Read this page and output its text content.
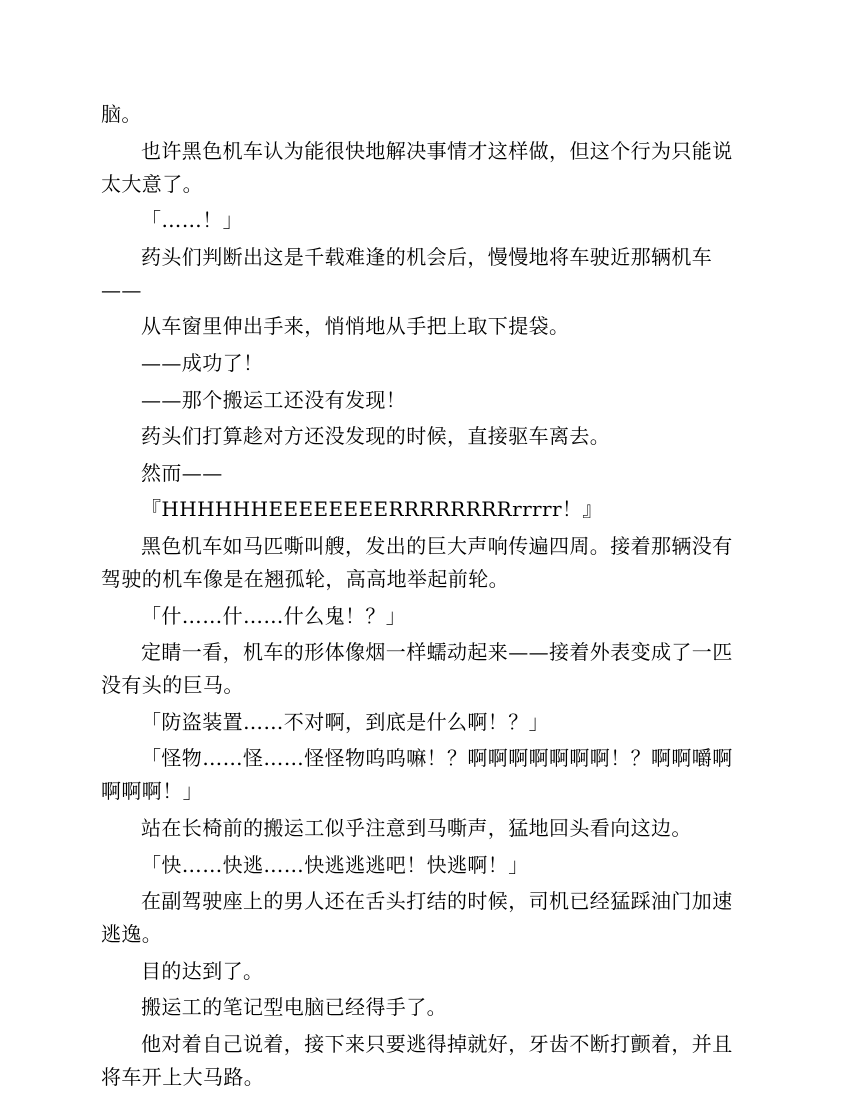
脑。

也许黑色机车认为能很快地解决事情才这样做，但这个行为只能说太大意了。

「……！」

药头们判断出这是千载难逢的机会后，慢慢地将车驶近那辆机车——

从车窗里伸出手来，悄悄地从手把上取下提袋。

——成功了！

——那个搬运工还没有发现！

药头们打算趁对方还没发现的时候，直接驱车离去。

然而——

『HHHHHHEEEEEEEERRRRRRRRrrrrr！』

黑色机车如马匹嘶叫艘，发出的巨大声响传遍四周。接着那辆没有驾驶的机车像是在翘孤轮，高高地举起前轮。

「什……什……什么鬼！？」

定睛一看，机车的形体像烟一样蠕动起来——接着外表变成了一匹没有头的巨马。

「防盗装置……不对啊，到底是什么啊！？」

「怪物……怪……怪怪物呜呜嘛！？啊啊啊啊啊啊啊！？啊啊嚼啊啊啊啊！」

站在长椅前的搬运工似乎注意到马嘶声，猛地回头看向这边。

「快……快逃……快逃逃逃吧！快逃啊！」

在副驾驶座上的男人还在舌头打结的时候，司机已经猛踩油门加速逃逸。

目的达到了。

搬运工的笔记型电脑已经得手了。

他对着自己说着，接下来只要逃得掉就好，牙齿不断打颤着，并且将车开上大马路。
